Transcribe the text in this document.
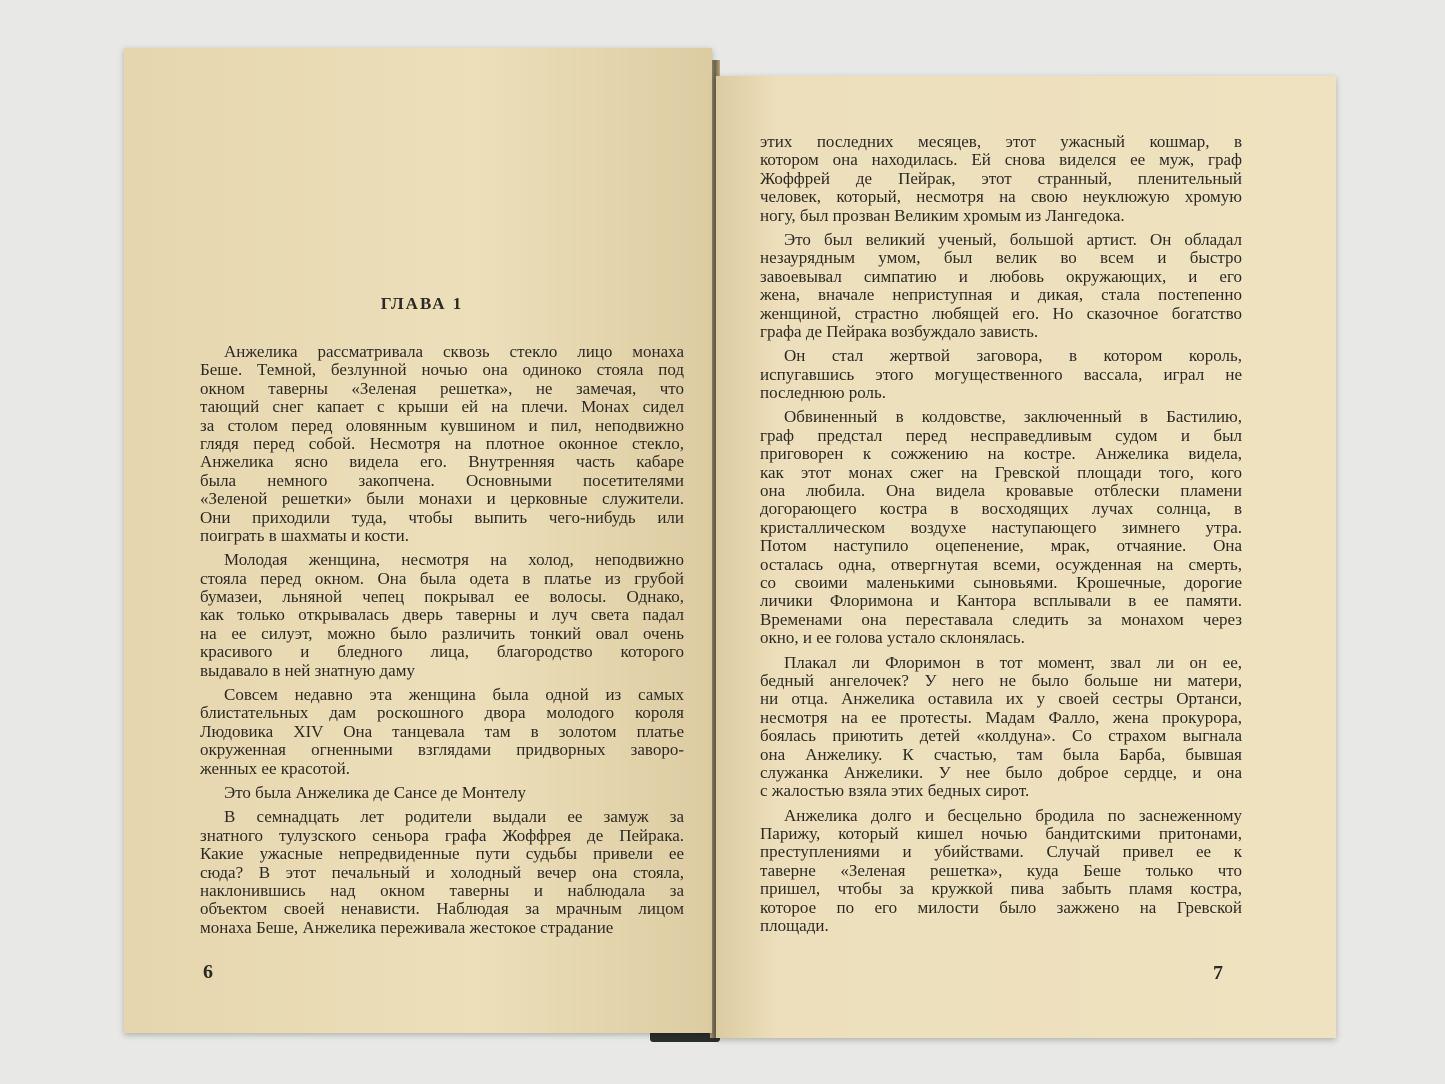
ГЛАВА 1
Анжелика рассматривала сквозь стекло лицо монаха
Беше. Темной, безлунной ночью она одиноко стояла под
окном таверны «Зеленая решетка», не замечая, что
тающий снег капает с крыши ей на плечи. Монах сидел
за столом перед оловянным кувшином и пил, неподвижно
глядя перед собой. Несмотря на плотное оконное стекло,
Анжелика ясно видела его. Внутренняя часть кабаре
была немного закопчена. Основными посетителями
«Зеленой решетки» были монахи и церковные служители.
Они приходили туда, чтобы выпить чего-нибудь или
поиграть в шахматы и кости.
Молодая женщина, несмотря на холод, неподвижно
стояла перед окном. Она была одета в платье из грубой
бумазеи, льняной чепец покрывал ее волосы. Однако,
как только открывалась дверь таверны и луч света падал
на ее силуэт, можно было различить тонкий овал очень
красивого и бледного лица, благородство которого
выдавало в ней знатную даму
Совсем недавно эта женщина была одной из самых
блистательных дам роскошного двора молодого короля
Людовика XIV Она танцевала там в золотом платье
окруженная огненными взглядами придворных заворо-
женных ее красотой.
Это была Анжелика де Сансе де Монтелу
В семнадцать лет родители выдали ее замуж за
знатного тулузского сеньора графа Жоффрея де Пейрака.
Какие ужасные непредвиденные пути судьбы привели ее
сюда? В этот печальный и холодный вечер она стояла,
наклонившись над окном таверны и наблюдала за
объектом своей ненависти. Наблюдая за мрачным лицом
монаха Беше, Анжелика переживала жестокое страдание
6
этих последних месяцев, этот ужасный кошмар, в
котором она находилась. Ей снова виделся ее муж, граф
Жоффрей де Пейрак, этот странный, пленительный
человек, который, несмотря на свою неуклюжую хромую
ногу, был прозван Великим хромым из Лангедока.
Это был великий ученый, большой артист. Он обладал
незаурядным умом, был велик во всем и быстро
завоевывал симпатию и любовь окружающих, и его
жена, вначале неприступная и дикая, стала постепенно
женщиной, страстно любящей его. Но сказочное богатство
графа де Пейрака возбуждало зависть.
Он стал жертвой заговора, в котором король,
испугавшись этого могущественного вассала, играл не
последнюю роль.
Обвиненный в колдовстве, заключенный в Бастилию,
граф предстал перед несправедливым судом и был
приговорен к сожжению на костре. Анжелика видела,
как этот монах сжег на Гревской площади того, кого
она любила. Она видела кровавые отблески пламени
догорающего костра в восходящих лучах солнца, в
кристаллическом воздухе наступающего зимнего утра.
Потом наступило оцепенение, мрак, отчаяние. Она
осталась одна, отвергнутая всеми, осужденная на смерть,
со своими маленькими сыновьями. Крошечные, дорогие
личики Флоримона и Кантора всплывали в ее памяти.
Временами она переставала следить за монахом через
окно, и ее голова устало склонялась.
Плакал ли Флоримон в тот момент, звал ли он ее,
бедный ангелочек? У него не было больше ни матери,
ни отца. Анжелика оставила их у своей сестры Ортанси,
несмотря на ее протесты. Мадам Фалло, жена прокурора,
боялась приютить детей «колдуна». Со страхом выгнала
она Анжелику. К счастью, там была Барба, бывшая
служанка Анжелики. У нее было доброе сердце, и она
с жалостью взяла этих бедных сирот.
Анжелика долго и бесцельно бродила по заснеженному
Парижу, который кишел ночью бандитскими притонами,
преступлениями и убийствами. Случай привел ее к
таверне «Зеленая решетка», куда Беше только что
пришел, чтобы за кружкой пива забыть пламя костра,
которое по его милости было зажжено на Гревской
площади.
7
